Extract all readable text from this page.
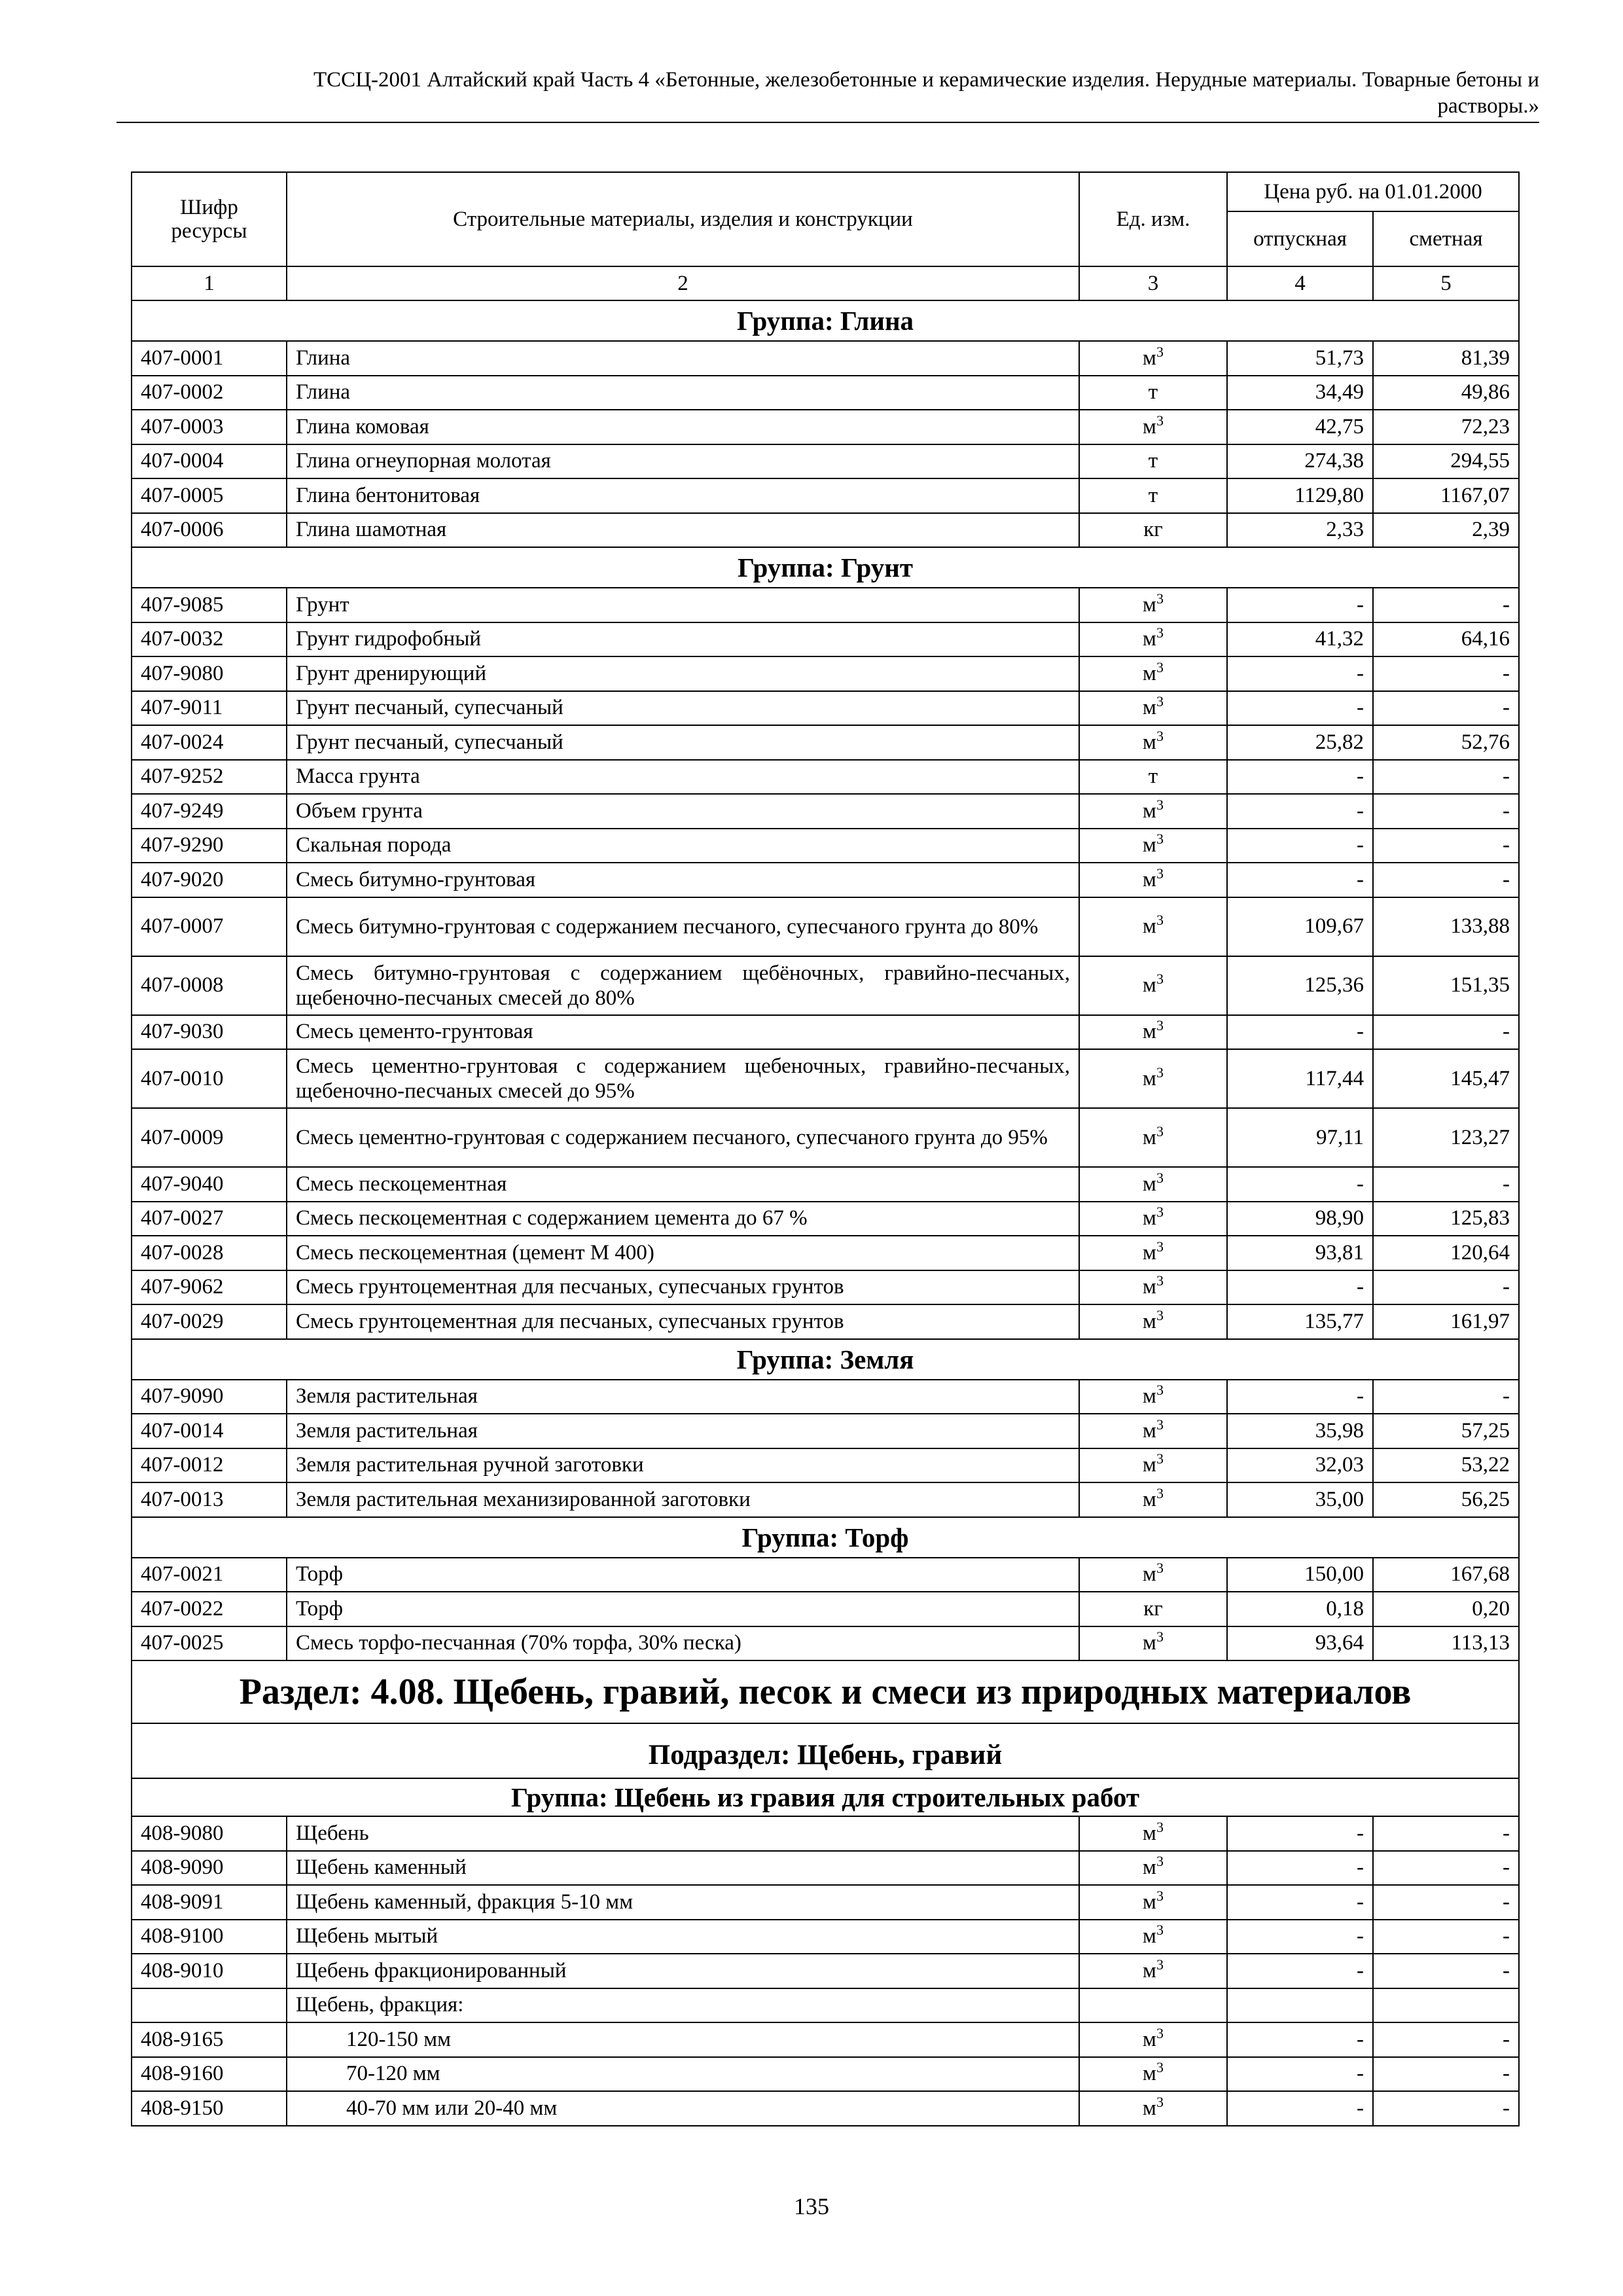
ТССЦ-2001 Алтайский край Часть 4 «Бетонные, железобетонные и керамические изделия. Нерудные материалы. Товарные бетоны и
растворы.»
Шифр ресурсы	Строительные материалы, изделия и конструкции	Ед. изм.	Цена руб. на 01.01.2000	
			отпускная	сметная
1	2	3	4	5
Группа: Глина				
407-0001	Глина	$м^3$	51,73	81,39
407-0002	Глина	т	34,49	49,86
407-0003	Глина комовая	$м^3$	42,75	72,23
407-0004	Глина огнеупорная молотая	т	274,38	294,55
407-0005	Глина бентонитовая	т	1129,80	1167,07
407-0006	Глина шамотная	кг	2,33	2,39
Группа: Грунт				
407-9085	Грунт	$м^3$	-	-
407-0032	Грунт гидрофобный	$м^3$	41,32	64,16
407-9080	Грунт дренирующий	$м^3$	-	-
407-9011	Грунт песчаный, супесчаный	$м^3$	-	-
407-0024	Грунт песчаный, супесчаный	$м^3$	25,82	52,76
407-9252	Масса грунта	т	-	-
407-9249	Объем грунта	$м^3$	-	-
407-9290	Скальная порода	$м^3$	-	-
407-9020	Смесь битумно-грунтовая	$м^3$	-	-
407-0007	Смесь битумно-грунтовая с содержанием песчаного, супесчаного грунта до 80%	$м^3$	109,67	133,88
407-0008	Смесь битумно-грунтовая с содержанием щебёночных, гравийно-песчаных, щебеночно-песчаных смесей до 80%	$м^3$	125,36	151,35
407-9030	Смесь цементо-грунтовая	$м^3$	-	-
407-0010	Смесь цементно-грунтовая с содержанием щебеночных, гравийно-песчаных, щебеночно-песчаных смесей до 95%	$м^3$	117,44	145,47
407-0009	Смесь цементно-грунтовая с содержанием песчаного, супесчаного грунта до 95%	$м^3$	97,11	123,27
407-9040	Смесь пескоцементная	$м^3$	-	-
407-0027	Смесь пескоцементная с содержанием цемента до 67 %	$м^3$	98,90	125,83
407-0028	Смесь пескоцементная (цемент М 400)	$м^3$	93,81	120,64
407-9062	Смесь грунтоцементная для песчаных, супесчаных грунтов	$м^3$	-	-
407-0029	Смесь грунтоцементная для песчаных, супесчаных грунтов	$м^3$	135,77	161,97
Группа: Земля				
407-9090	Земля растительная	$м^3$	-	-
407-0014	Земля растительная	$м^3$	35,98	57,25
407-0012	Земля растительная ручной заготовки	$м^3$	32,03	53,22
407-0013	Земля растительная механизированной заготовки	$м^3$	35,00	56,25
Группа: Торф				
407-0021	Торф	$м^3$	150,00	167,68
407-0022	Торф	кг	0,18	0,20
407-0025	Смесь торфо-песчанная (70% торфа, 30% песка)	$м^3$	93,64	113,13
Раздел: 4.08. Щебень, гравий, песок и смеси из природных материалов				
Подраздел: Щебень, гравий				
Группа: Щебень из гравия для строительных работ				
408-9080	Щебень	$м^3$	-	-
408-9090	Щебень каменный	$м^3$	-	-
408-9091	Щебень каменный, фракция 5-10 мм	$м^3$	-	-
408-9100	Щебень мытый	$м^3$	-	-
408-9010	Щебень фракционированный	$м^3$	-	-
	Щебень, фракция:			
408-9165	120-150 мм	$м^3$	-	-
408-9160	70-120 мм	$м^3$	-	-
408-9150	40-70 мм или 20-40 мм	$м^3$	-	-
135
